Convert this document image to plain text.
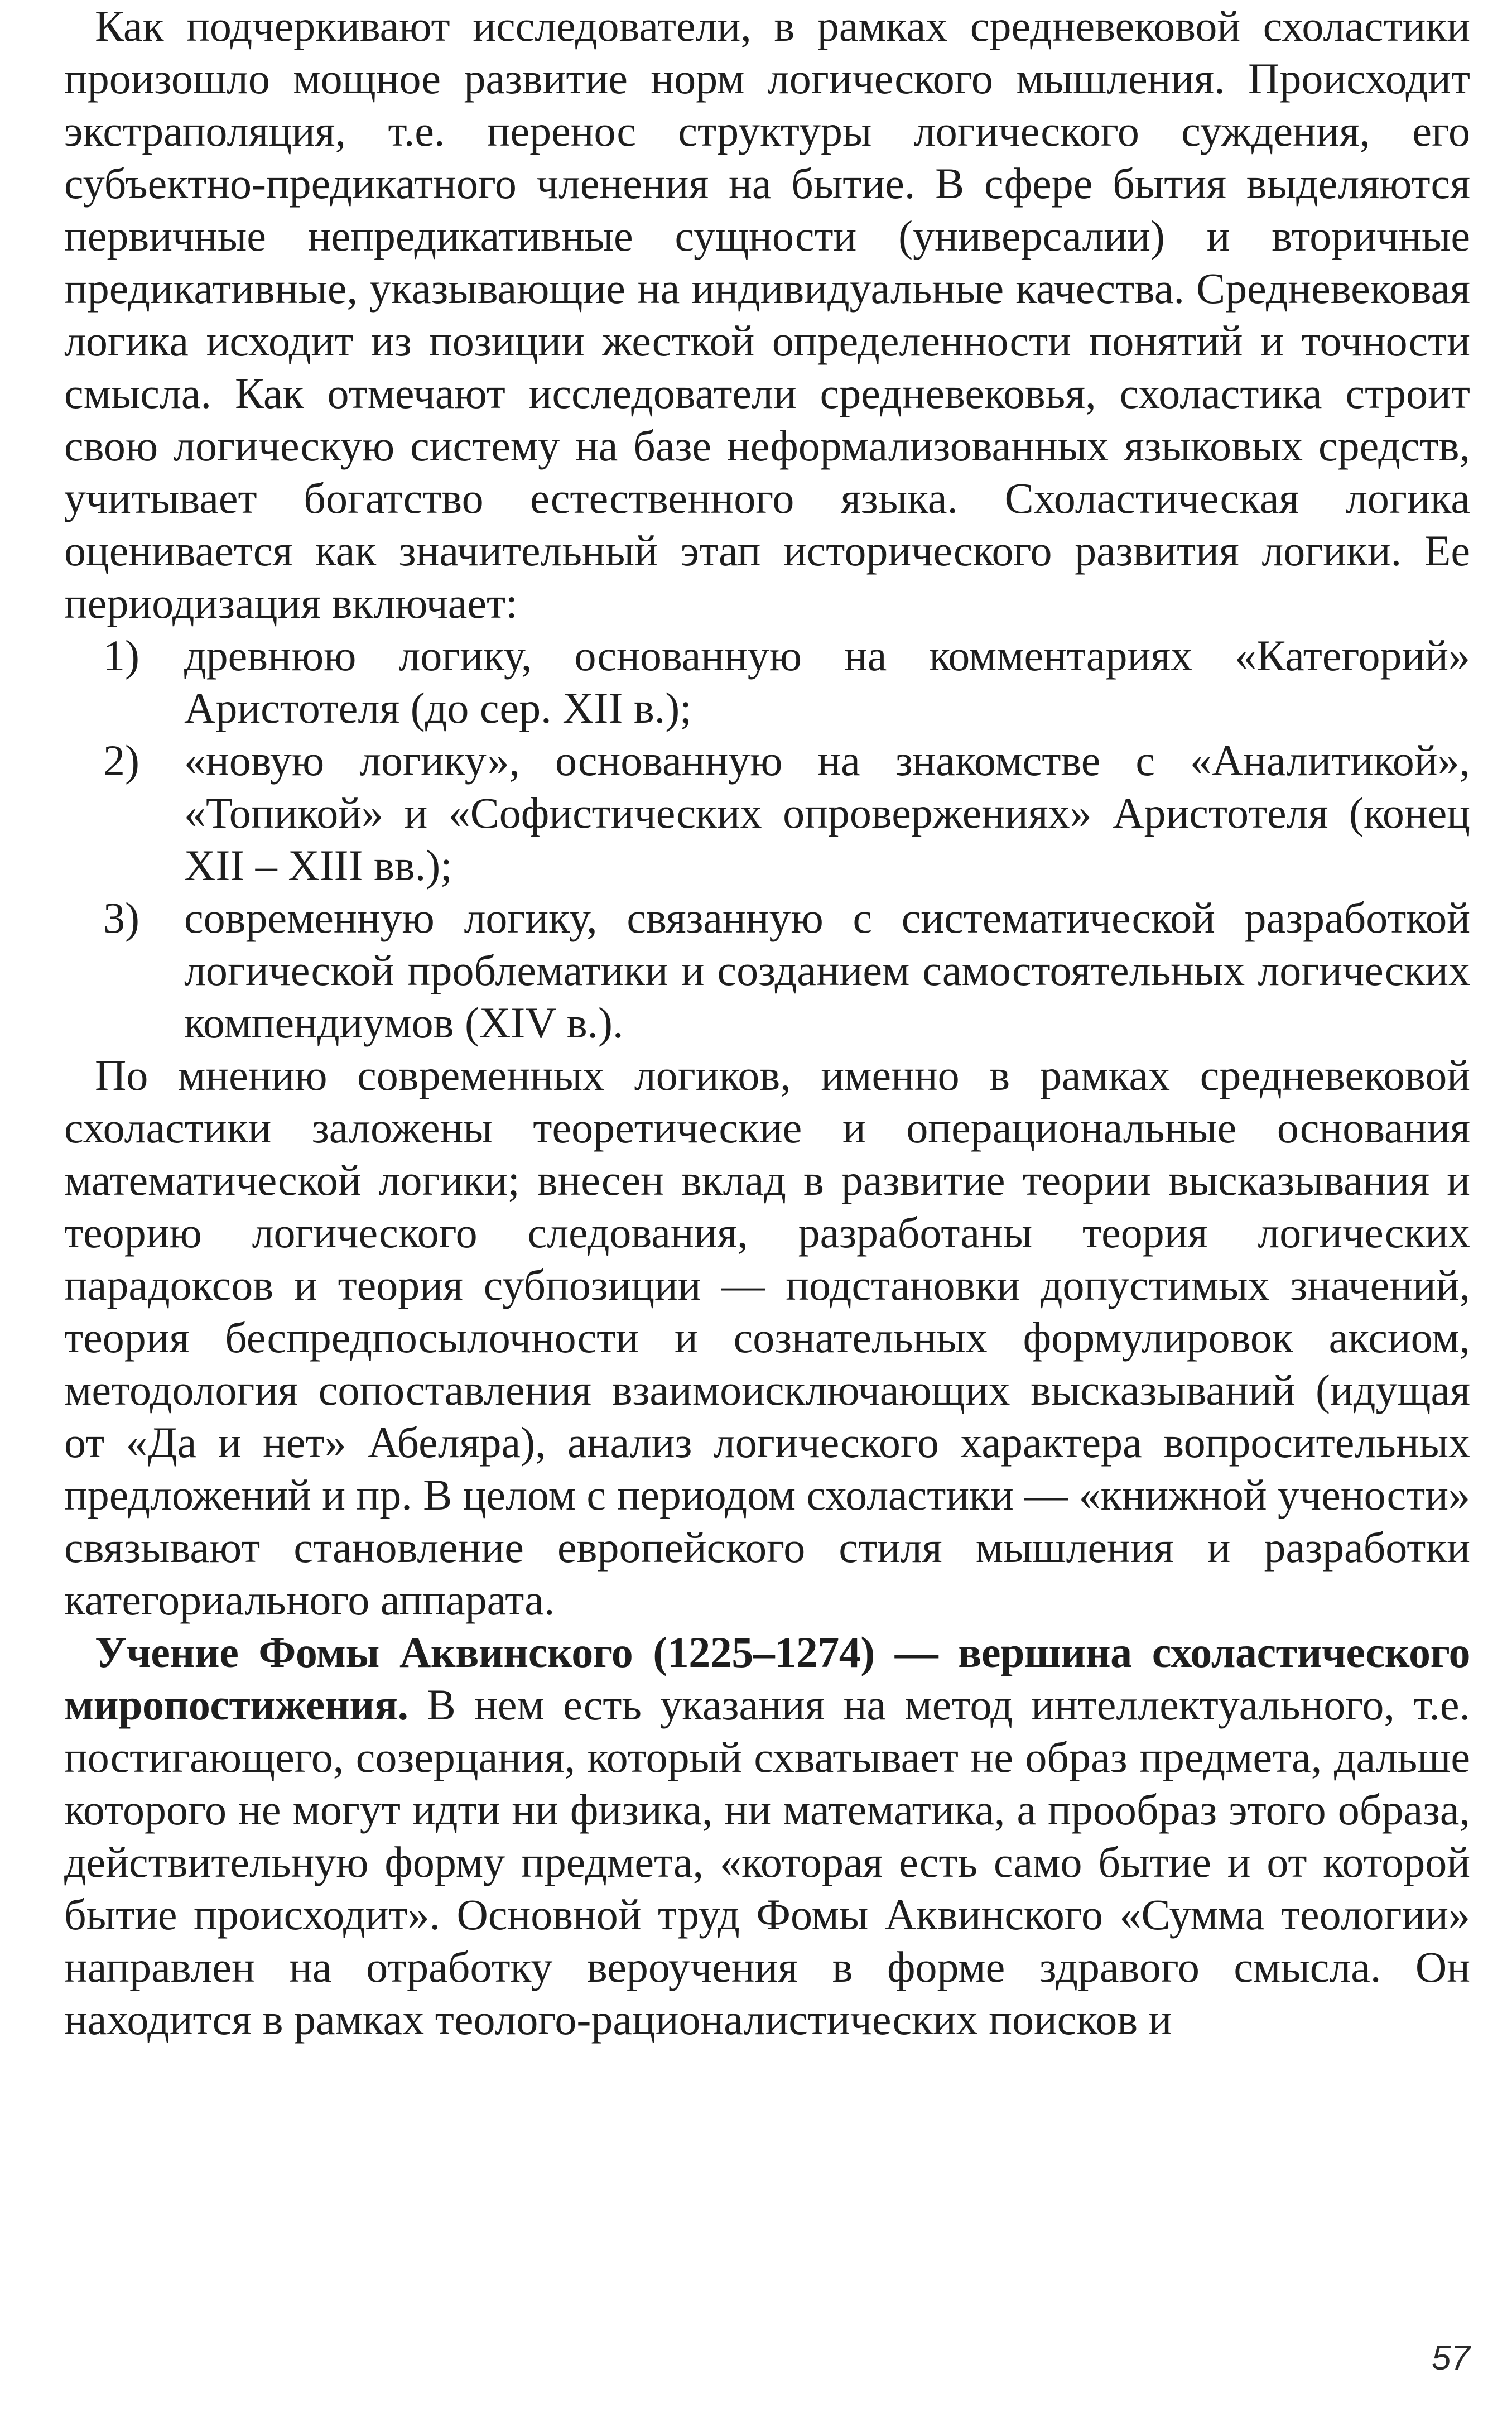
Как подчеркивают исследователи, в рамках средневековой схоластики произошло мощное развитие норм логического мышления. Происходит экстраполяция, т.е. перенос структуры логического суждения, его субъектно-предикатного членения на бытие. В сфере бытия выделяются первичные непредикативные сущности (универсалии) и вторичные предикативные, указывающие на индивидуальные качества. Средневековая логика исходит из позиции жесткой определенности понятий и точности смысла. Как отмечают исследователи средневековья, схоластика строит свою логическую систему на базе неформализованных языковых средств, учитывает богатство естественного языка. Схоластическая логика оценивается как значительный этап исторического развития логики. Ее периодизация включает:

1) древнюю логику, основанную на комментариях «Категорий» Аристотеля (до сер. XII в.);
2) «новую логику», основанную на знакомстве с «Аналитикой», «Топикой» и «Софистических опровержениях» Аристотеля (конец XII – XIII вв.);
3) современную логику, связанную с систематической разработкой логической проблематики и созданием самостоятельных логических компендиумов (XIV в.).

По мнению современных логиков, именно в рамках средневековой схоластики заложены теоретические и операциональные основания математической логики; внесен вклад в развитие теории высказывания и теорию логического следования, разработаны теория логических парадоксов и теория субпозиции — подстановки допустимых значений, теория беспредпосылочности и сознательных формулировок аксиом, методология сопоставления взаимоисключающих высказываний (идущая от «Да и нет» Абеляра), анализ логического характера вопросительных предложений и пр. В целом с периодом схоластики — «книжной учености» связывают становление европейского стиля мышления и разработки категориального аппарата.

Учение Фомы Аквинского (1225–1274) — вершина схоластического миропостижения. В нем есть указания на метод интеллектуального, т.е. постигающего, созерцания, который схватывает не образ предмета, дальше которого не могут идти ни физика, ни математика, а прообраз этого образа, действительную форму предмета, «которая есть само бытие и от которой бытие происходит». Основной труд Фомы Аквинского «Сумма теологии» направлен на отработку вероучения в форме здравого смысла. Он находится в рамках теолого-рационалистических поисков и

57
